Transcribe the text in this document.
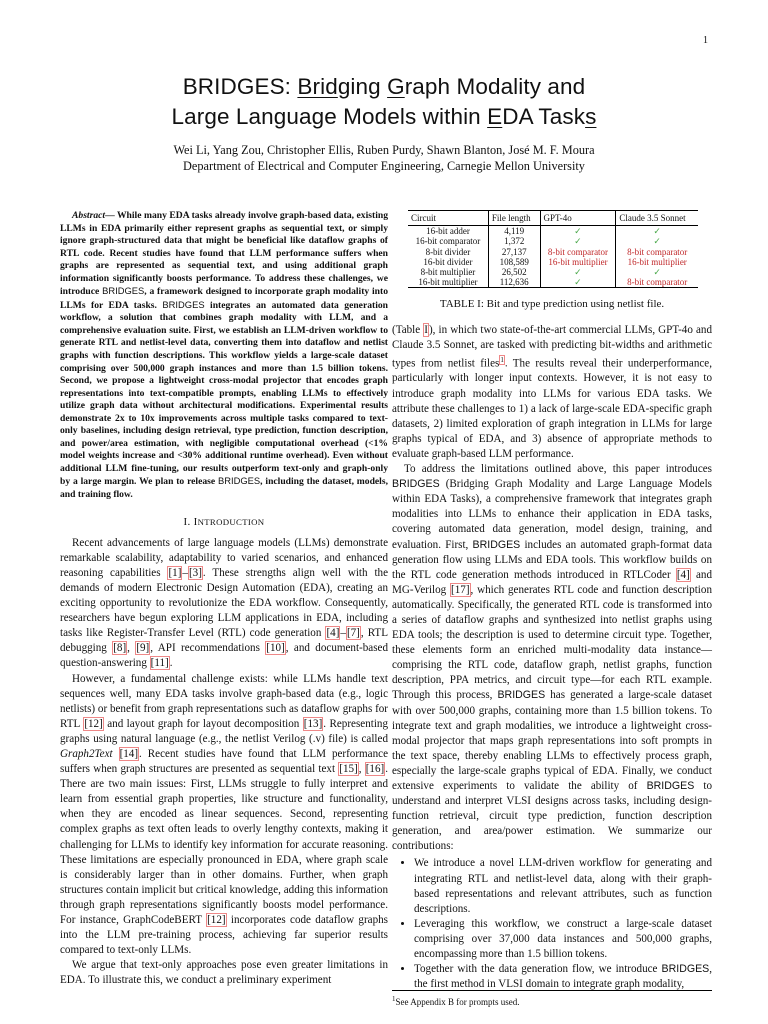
1
BRIDGES: Bridging Graph Modality and
Large Language Models within EDA Tasks
Wei Li, Yang Zou, Christopher Ellis, Ruben Purdy, Shawn Blanton, José M. F. Moura
Department of Electrical and Computer Engineering, Carnegie Mellon University
Abstract— While many EDA tasks already involve graph-based data, existing LLMs in EDA primarily either represent graphs as sequential text, or simply ignore graph-structured data that might be beneficial like dataflow graphs of RTL code. Recent studies have found that LLM performance suffers when graphs are represented as sequential text, and using additional graph information significantly boosts performance. To address these challenges, we introduce BRIDGES, a framework designed to incorporate graph modality into LLMs for EDA tasks. BRIDGES integrates an automated data generation workflow, a solution that combines graph modality with LLM, and a comprehensive evaluation suite. First, we establish an LLM-driven workflow to generate RTL and netlist-level data, converting them into dataflow and netlist graphs with function descriptions. This workflow yields a large-scale dataset comprising over 500,000 graph instances and more than 1.5 billion tokens. Second, we propose a lightweight cross-modal projector that encodes graph representations into text-compatible prompts, enabling LLMs to effectively utilize graph data without architectural modifications. Experimental results demonstrate 2x to 10x improvements across multiple tasks compared to text-only baselines, including design retrieval, type prediction, function description, and power/area estimation, with negligible computational overhead (<1% model weights increase and <30% additional runtime overhead). Even without additional LLM fine-tuning, our results outperform text-only and graph-only by a large margin. We plan to release BRIDGES, including the dataset, models, and training flow.
I. INTRODUCTION

Recent advancements of large language models (LLMs) demonstrate remarkable scalability, adaptability to varied scenarios, and enhanced reasoning capabilities [1]–[3]. These strengths align well with the demands of modern Electronic Design Automation (EDA), creating an exciting opportunity to revolutionize the EDA workflow. Consequently, researchers have begun exploring LLM applications in EDA, including tasks like Register-Transfer Level (RTL) code generation [4]–[7], RTL debugging [8], [9], API recommendations [10], and document-based question-answering [11].

However, a fundamental challenge exists: while LLMs handle text sequences well, many EDA tasks involve graph-based data (e.g., logic netlists) or benefit from graph representations such as dataflow graphs for RTL [12] and layout graph for layout decomposition [13]. Representing graphs using natural language (e.g., the netlist Verilog (.v) file) is called Graph2Text [14]. Recent studies have found that LLM performance suffers when graph structures are presented as sequential text [15], [16]. There are two main issues: First, LLMs struggle to fully interpret and learn from essential graph properties, like structure and functionality, when they are encoded as linear sequences. Second, representing complex graphs as text often leads to overly lengthy contexts, making it challenging for LLMs to identify key information for accurate reasoning. These limitations are especially pronounced in EDA, where graph scale is considerably larger than in other domains. Further, when graph structures contain implicit but critical knowledge, adding this information through graph representations significantly boosts model performance. For instance, GraphCodeBERT [12] incorporates code dataflow graphs into the LLM pre-training process, achieving far superior results compared to text-only LLMs.

We argue that text-only approaches pose even greater limitations in EDA. To illustrate this, we conduct a preliminary experiment

Circuit	File length	GPT-4o	Claude 3.5 Sonnet
16-bit adder	4,119	✓	✓
16-bit comparator	1,372	✓	✓
8-bit divider	27,137	8-bit comparator	8-bit comparator
16-bit divider	108,589	16-bit multiplier	16-bit multiplier
8-bit multiplier	26,502	✓	✓
16-bit multiplier	112,636	✓	8-bit comparator
TABLE I: Bit and type prediction using netlist file.

(Table I), in which two state-of-the-art commercial LLMs, GPT-4o and Claude 3.5 Sonnet, are tasked with predicting bit-widths and arithmetic types from netlist files$^1$. The results reveal their underperformance, particularly with longer input contexts. However, it is not easy to introduce graph modality into LLMs for various EDA tasks. We attribute these challenges to 1) a lack of large-scale EDA-specific graph datasets, 2) limited exploration of graph integration in LLMs for large graphs typical of EDA, and 3) absence of appropriate methods to evaluate graph-based LLM performance.

To address the limitations outlined above, this paper introduces BRIDGES (Bridging Graph Modality and Large Language Models within EDA Tasks), a comprehensive framework that integrates graph modalities into LLMs to enhance their application in EDA tasks, covering automated data generation, model design, training, and evaluation. First, BRIDGES includes an automated graph-format data generation flow using LLMs and EDA tools. This workflow builds on the RTL code generation methods introduced in RTLCoder [4] and MG-Verilog [17], which generates RTL code and function description automatically. Specifically, the generated RTL code is transformed into a series of dataflow graphs and synthesized into netlist graphs using EDA tools; the description is used to determine circuit type. Together, these elements form an enriched multi-modality data instance—comprising the RTL code, dataflow graph, netlist graphs, function description, PPA metrics, and circuit type—for each RTL example. Through this process, BRIDGES has generated a large-scale dataset with over 500,000 graphs, containing more than 1.5 billion tokens. To integrate text and graph modalities, we introduce a lightweight cross-modal projector that maps graph representations into soft prompts in the text space, thereby enabling LLMs to effectively process graph, especially the large-scale graphs typical of EDA. Finally, we conduct extensive experiments to validate the ability of BRIDGES to understand and interpret VLSI designs across tasks, including design-function retrieval, circuit type prediction, function description generation, and area/power estimation. We summarize our contributions:

• We introduce a novel LLM-driven workflow for generating and integrating RTL and netlist-level data, along with their graph-based representations and relevant attributes, such as function descriptions.
• Leveraging this workflow, we construct a large-scale dataset comprising over 37,000 data instances and 500,000 graphs, encompassing more than 1.5 billion tokens.
• Together with the data generation flow, we introduce BRIDGES, the first method in VLSI domain to integrate graph modality,
$^1$See Appendix B for prompts used.
